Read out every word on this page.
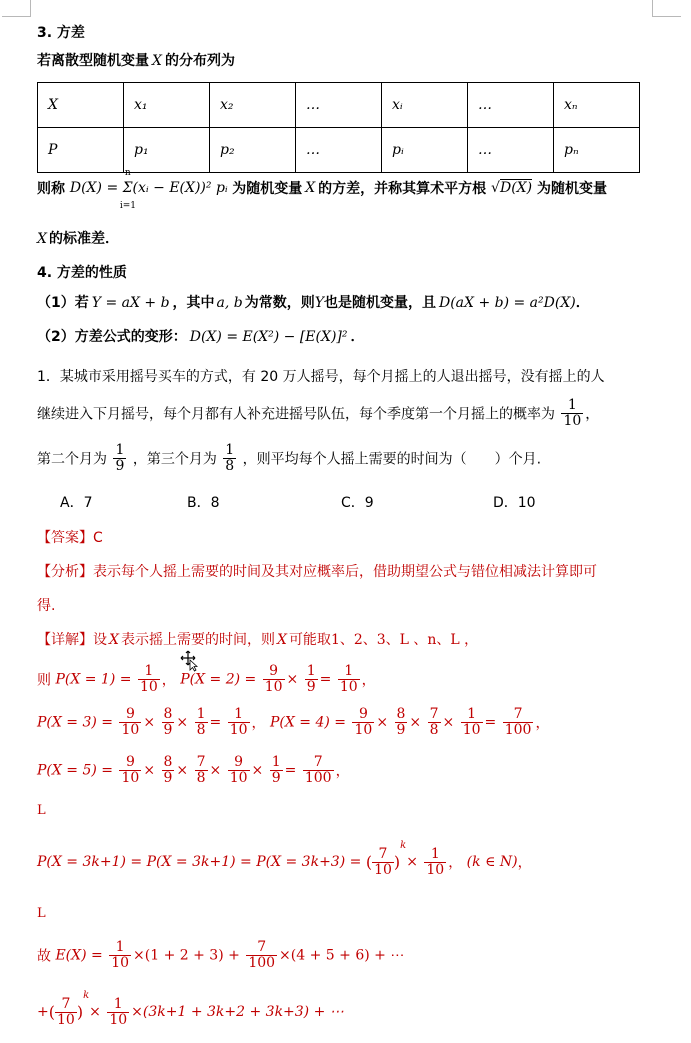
3. 方差
若离散型随机变量 X 的分布列为
X	x₁	x₂	…	xᵢ	…	xₙ
P	p₁	p₂	…	pᵢ	…	pₙ
则称 D(X) = Σ(xᵢ − E(X))² pᵢ
n
i=1
为随机变量 X 的方差，并称其算术平方根 √D(X) 为随机变量
X 的标准差．
4. 方差的性质
（1）若 Y = aX + b ，其中 a, b 为常数，则Y也是随机变量，且 D(aX + b) = a²D(X)．
（2）方差公式的变形： D(X) = E(X²) − [E(X)]² ．
1．某城市采用摇号买车的方式，有 20 万人摇号，每个月摇上的人退出摇号，没有摇上的人
继续进入下月摇号，每个月都有人补充进摇号队伍，每个季度第一个月摇上的概率为 $\frac{1}{10}$ ，
第二个月为 $\frac{1}{9}$ ，第三个月为 $\frac{1}{8}$ ，则平均每个人摇上需要的时间为（　　）个月.
A．7	B．8	C．9	D．10
【答案】C
【分析】表示每个人摇上需要的时间及其对应概率后，借助期望公式与错位相减法计算即可
得.
【详解】设 X 表示摇上需要的时间，则 X 可能取1、2、3、L 、n、L ，
则 $P(X = 1) = \frac{1}{10}$ ， $P(X = 2) = \frac{9}{10} \times \frac{1}{9} = \frac{1}{10}$ ，
$P(X = 3) = \frac{9}{10} \times \frac{8}{9} \times \frac{1}{8} = \frac{1}{10}$ ， $P(X = 4) = \frac{9}{10} \times \frac{8}{9} \times \frac{7}{8} \times \frac{1}{10} = \frac{7}{100}$ ，
$P(X = 5) = \frac{9}{10} \times \frac{8}{9} \times \frac{7}{8} \times \frac{9}{10} \times \frac{1}{9} = \frac{7}{100}$ ，
L
P(X = 3k+1) = P(X = 3k+1) = P(X = 3k+3) = ( $\frac{7}{10} )^k\times \frac{1}{10}$ ， (k ∈ N)，
L
故 $E(X) = \frac{1}{10} \times(1 + 2 + 3) + \frac{7}{100} \times(4 + 5 + 6)$ + ⋯
+( $\frac{7}{10} )^k\times \frac{1}{10} \times(3k+1 + 3k+2 + 3k+3)$ + ⋯
